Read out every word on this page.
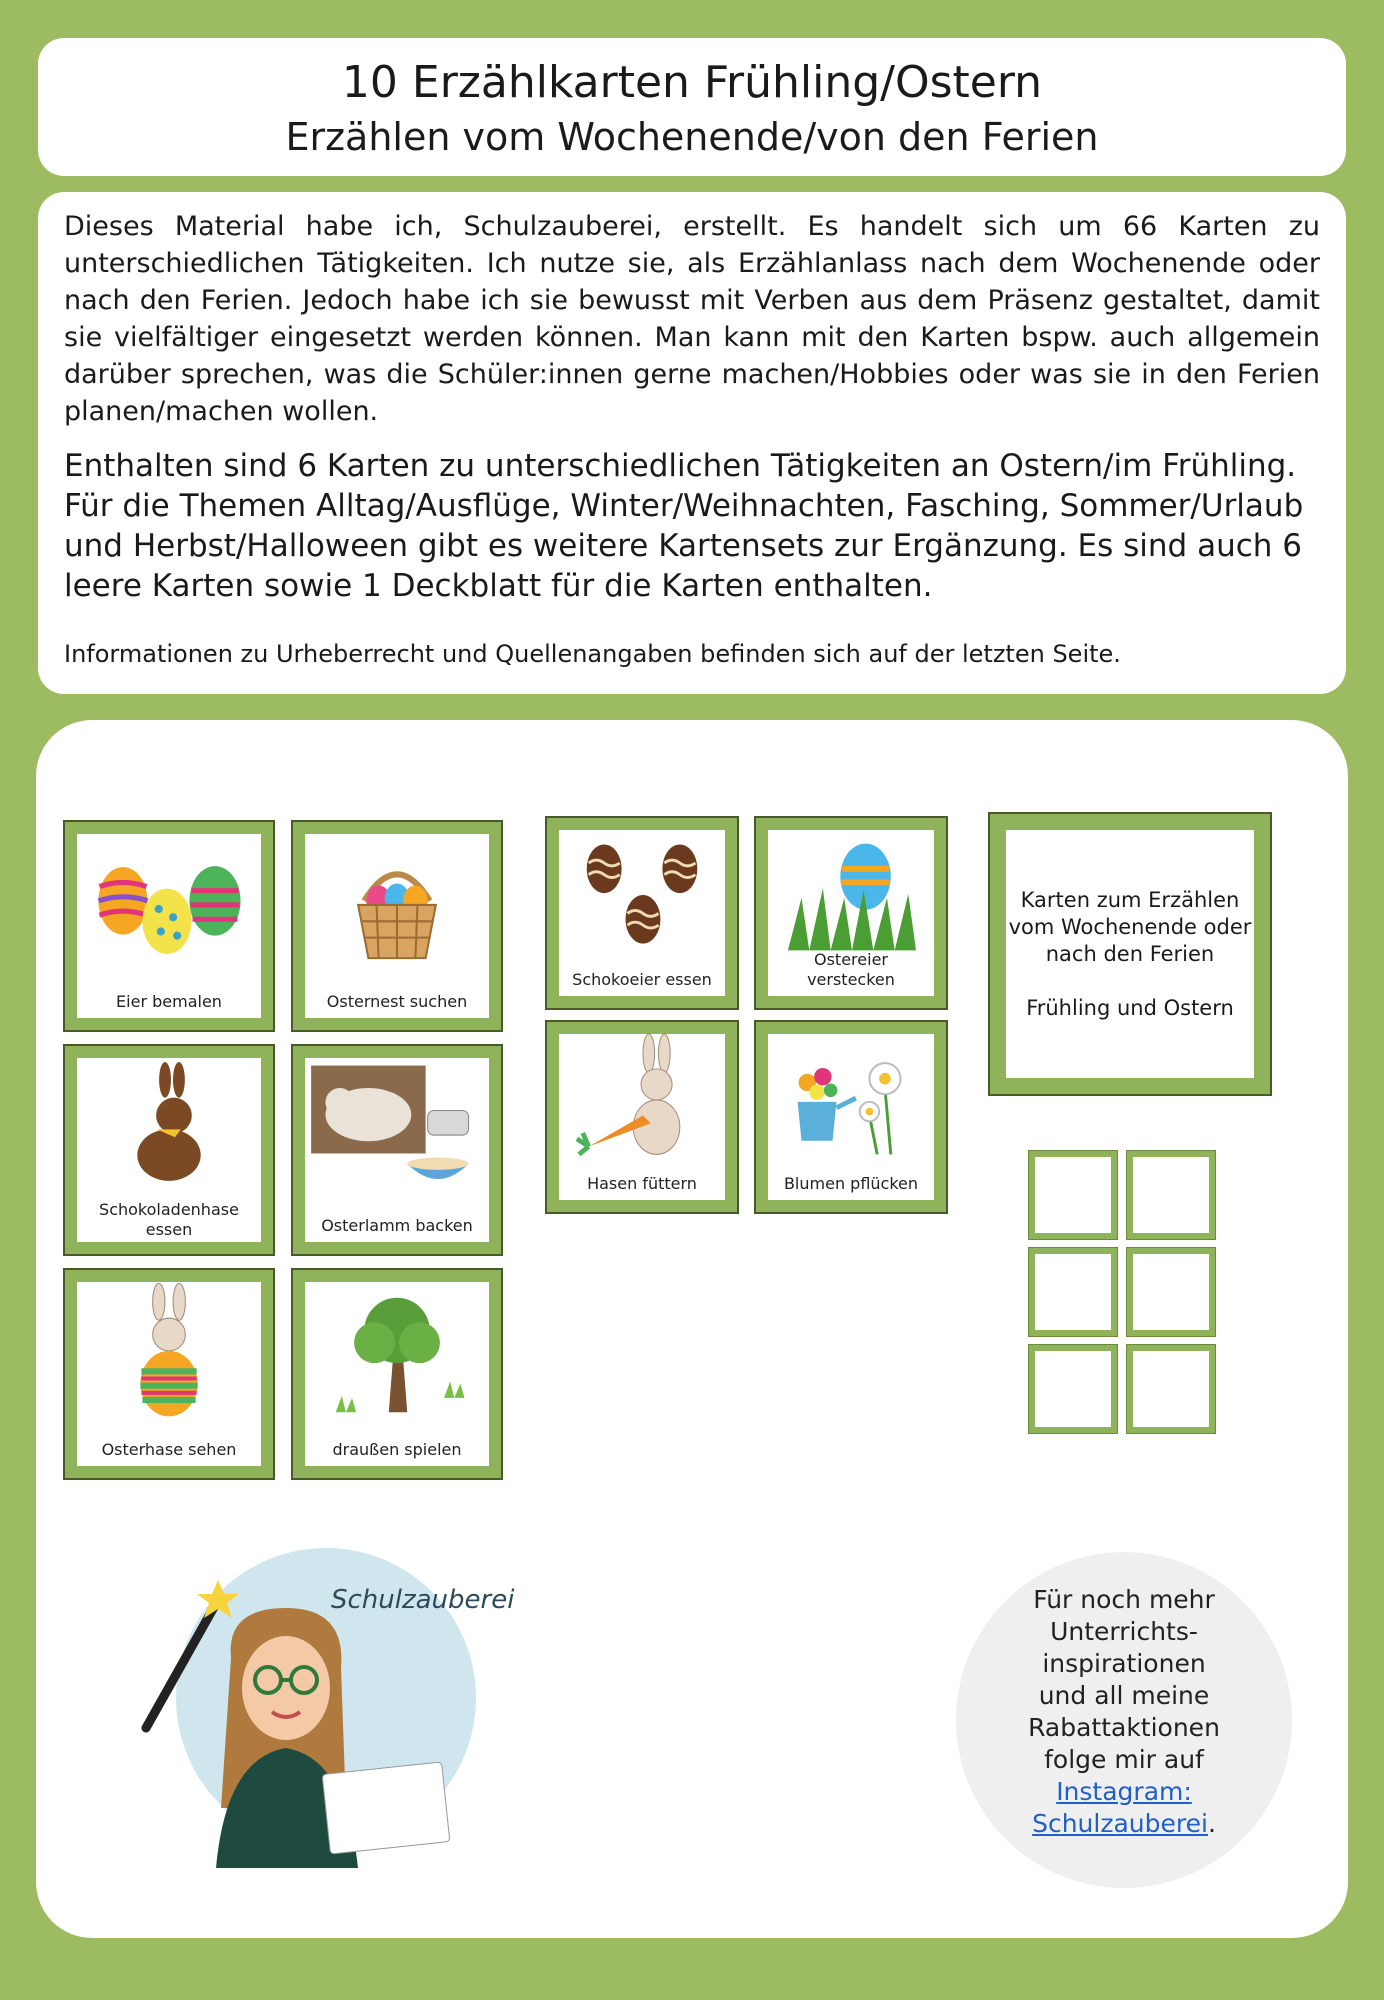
10 Erzählkarten Frühling/Ostern
Erzählen vom Wochenende/von den Ferien

Dieses Material habe ich, Schulzauberei, erstellt. Es handelt sich um 66 Karten zu unterschiedlichen Tätigkeiten. Ich nutze sie, als Erzählanlass nach dem Wochenende oder nach den Ferien. Jedoch habe ich sie bewusst mit Verben aus dem Präsenz gestaltet, damit sie vielfältiger eingesetzt werden können. Man kann mit den Karten bspw. auch allgemein darüber sprechen, was die Schüler:innen gerne machen/Hobbies oder was sie in den Ferien planen/machen wollen.

Enthalten sind 6 Karten zu unterschiedlichen Tätigkeiten an Ostern/im Frühling. Für die Themen Alltag/Ausflüge, Winter/Weihnachten, Fasching, Sommer/Urlaub und Herbst/Halloween gibt es weitere Kartensets zur Ergänzung. Es sind auch 6 leere Karten sowie 1 Deckblatt für die Karten enthalten.

Informationen zu Urheberrecht und Quellenangaben befinden sich auf der letzten Seite.

Eier bemalen	Osternest suchen
Schokoladenhase essen	Osterlamm backen
Osterhase sehen	draußen spielen
Schokoeier essen
Ostereier verstecken
Hasen füttern	Blumen pflücken
Karten zum Erzählen
vom Wochenende oder
nach den Ferien
Frühling und Ostern
Schulzauberei	Für noch mehr
Unterrichts-
inspirationen
und all meine
Rabattaktionen
folge mir auf
Instagram:
Schulzauberei.
